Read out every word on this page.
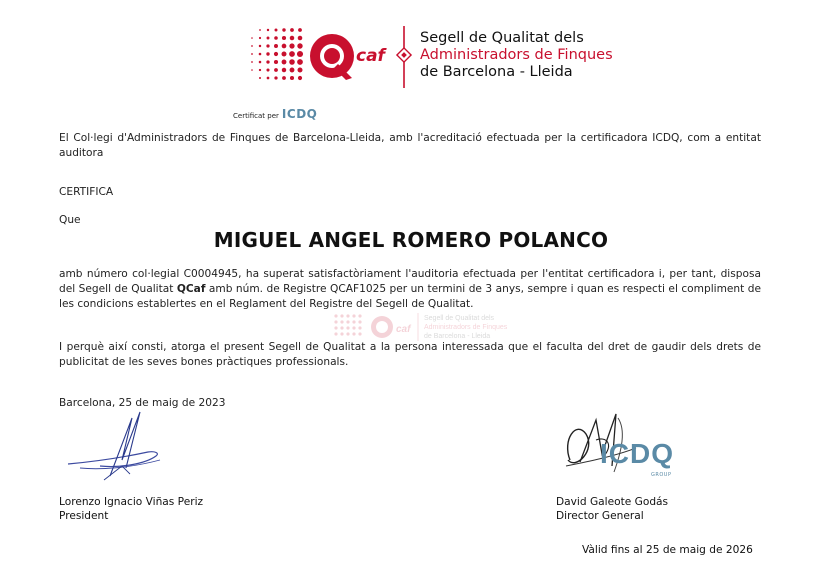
caf
Segell de Qualitat dels
Administradors de Finques
de Barcelona - Lleida
Certificat per ICDQ
El Col·legi d'Administradors de Finques de Barcelona-Lleida, amb l'acreditació efectuada per la certificadora ICDQ, com a entitat auditora
CERTIFICA
Que
MIGUEL ANGEL ROMERO POLANCO
caf
Segell de Qualitat dels
Administradors de Finques
de Barcelona - Lleida
amb número col·legial C0004945, ha superat satisfactòriament l'auditoria efectuada per l'entitat certificadora i, per tant, disposa del Segell de Qualitat QCaf amb núm. de Registre QCAF1025 per un termini de 3 anys, sempre i quan es respecti el compliment de les condicions establertes en el Reglament del Registre del Segell de Qualitat.
I perquè així consti, atorga el present Segell de Qualitat a la persona interessada que el faculta del dret de gaudir dels drets de publicitat de les seves bones pràctiques professionals.
Barcelona, 25 de maig de 2023
Lorenzo Ignacio Viñas Periz
President
ICDQ
GROUP
David Galeote Godás
Director General
Vàlid fins al 25 de maig de 2026
